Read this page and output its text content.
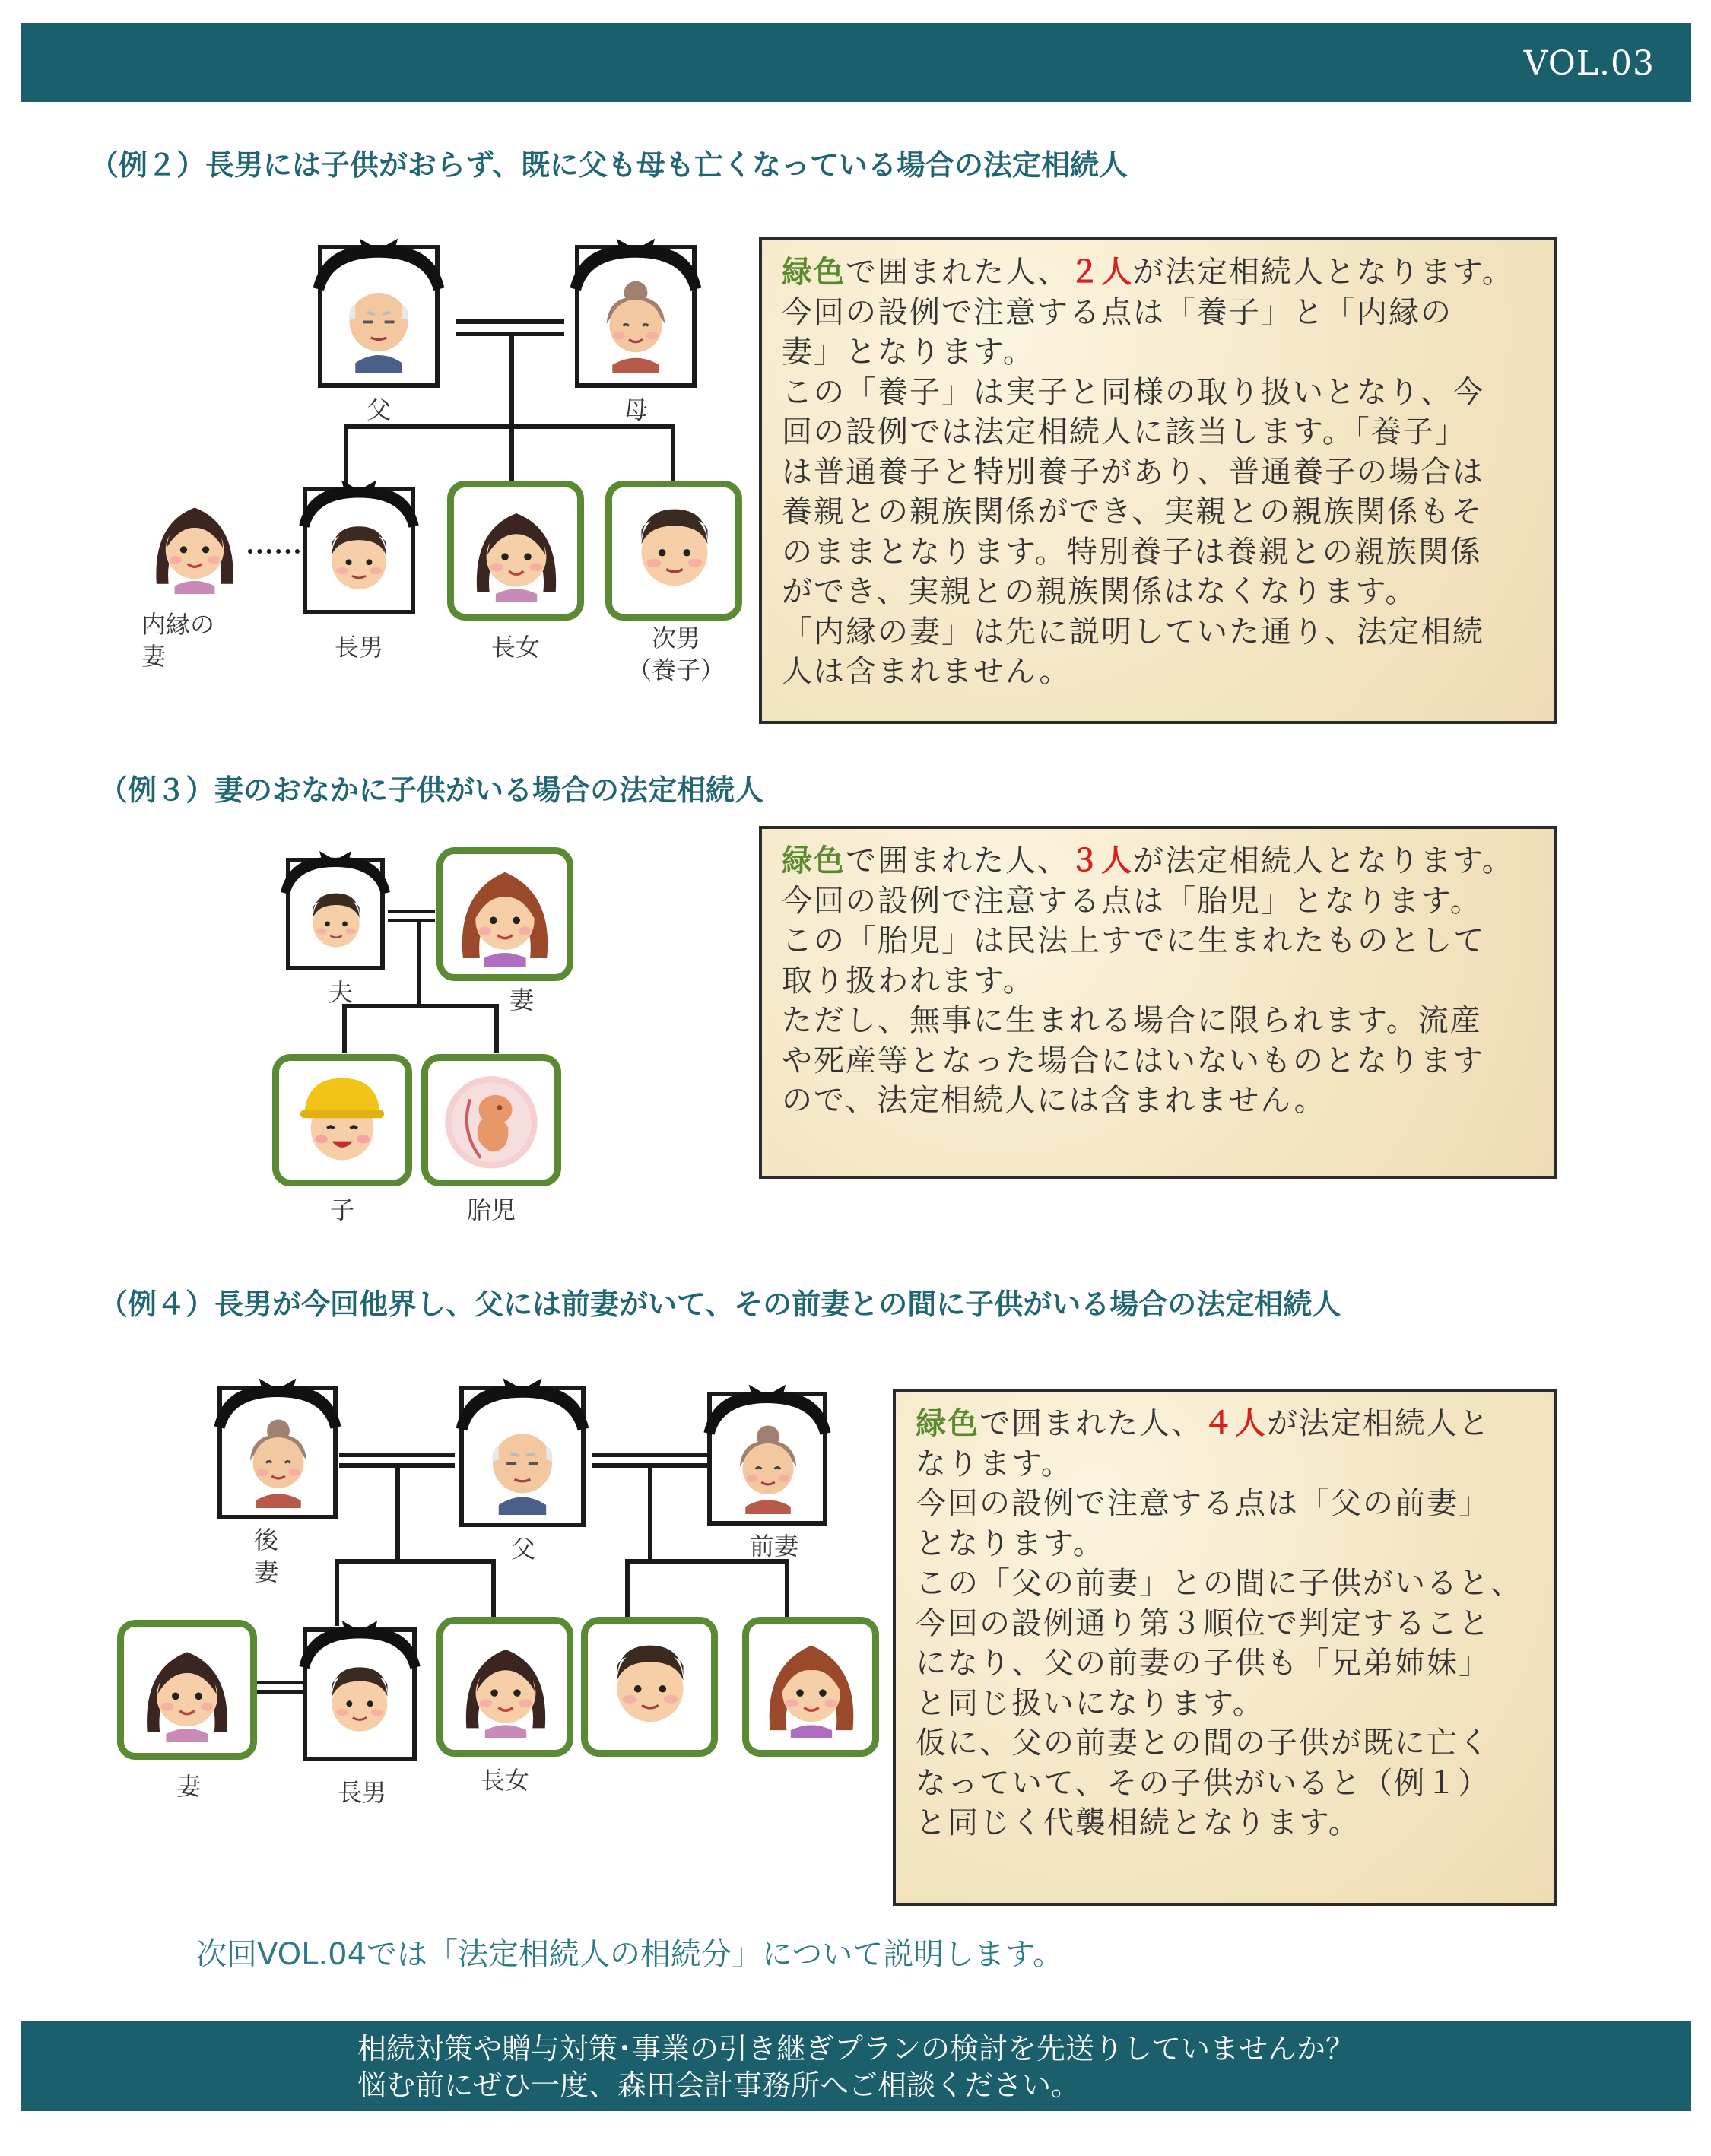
VOL.03
（例２）長男には子供がおらず、既に父も母も亡くなっている場合の法定相続人
父	母
内縁の
妻	長男	長女	次男
（養子）

緑色で囲まれた人、２人が法定相続人となります。

今回の設例で注意する点は「養子」と「内縁の

妻」となります。

この「養子」は実子と同様の取り扱いとなり、今

回の設例では法定相続人に該当します。「養子」

は普通養子と特別養子があり、普通養子の場合は

養親との親族関係ができ、実親との親族関係もそ

のままとなります。特別養子は養親との親族関係

ができ、実親との親族関係はなくなります。

「内縁の妻」は先に説明していた通り、法定相続

人は含まれません。

（例３）妻のおなかに子供がいる場合の法定相続人
夫	妻
子	胎児

緑色で囲まれた人、３人が法定相続人となります。

今回の設例で注意する点は「胎児」となります。

この「胎児」は民法上すでに生まれたものとして

取り扱われます。

ただし、無事に生まれる場合に限られます。流産

や死産等となった場合にはいないものとなります

ので、法定相続人には含まれません。

（例４）長男が今回他界し、父には前妻がいて、その前妻との間に子供がいる場合の法定相続人
後
妻
父	前妻
妻	長男	長女

緑色で囲まれた人、４人が法定相続人と

なります。

今回の設例で注意する点は「父の前妻」

となります。

この「父の前妻」との間に子供がいると、

今回の設例通り第３順位で判定すること

になり、父の前妻の子供も「兄弟姉妹」

と同じ扱いになります。

仮に、父の前妻との間の子供が既に亡く

なっていて、その子供がいると（例１）

と同じく代襲相続となります。

次回VOL.04では「法定相続人の相続分」について説明します。
相続対策や贈与対策･事業の引き継ぎプランの検討を先送りしていませんか？
悩む前にぜひ一度、森田会計事務所へご相談ください。
